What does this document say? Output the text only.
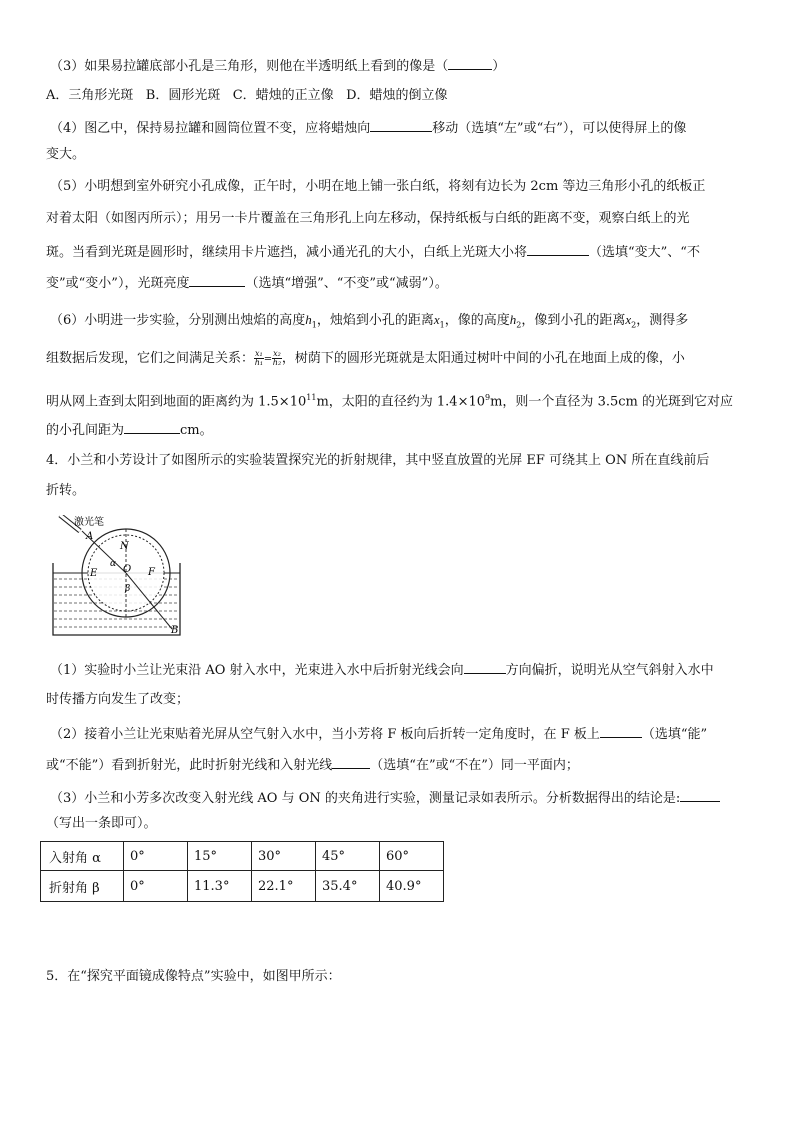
（3）如果易拉罐底部小孔是三角形，则他在半透明纸上看到的像是（	）
A．三角形光斑   B．圆形光斑   C．蜡烛的正立像   D．蜡烛的倒立像
（4）图乙中，保持易拉罐和圆筒位置不变，应将蜡烛向	移动（选填“左”或“右”），可以使得屏上的像
变大。
（5）小明想到室外研究小孔成像，正午时，小明在地上铺一张白纸，将刻有边长为 2cm 等边三角形小孔的纸板正
对着太阳（如图丙所示）；用另一卡片覆盖在三角形孔上向左移动，保持纸板与白纸的距离不变，观察白纸上的光
斑。当看到光斑是圆形时，继续用卡片遮挡，减小通光孔的大小，白纸上光斑大小将	（选填“变大”、“不
变”或“变小”），光斑亮度	（选填“增强”、“不变”或“减弱”）。
（6）小明进一步实验，分别测出烛焰的高度$h_1$，烛焰到小孔的距离$x_1$，像的高度$h_2$，像到小孔的距离$x_2$，测得多
组数据后发现，它们之间满足关系： $\frac{\text{x₁}}{\text{h₁}} = \frac{\text{x₂}}{\text{h₂}}$ ，树荫下的圆形光斑就是太阳通过树叶中间的小孔在地面上成的像，小
明从网上查到太阳到地面的距离约为 $1.5\times 10^{11}m$，太阳的直径约为 $1.4\times 10^9m$，则一个直径为 3.5cm 的光斑到它对应
的小孔间距为	cm。
4．小兰和小芳设计了如图所示的实验装置探究光的折射规律，其中竖直放置的光屏 EF 可绕其上 ON 所在直线前后
折转。
激光笔
A
N
α O
E	F
β
B
（1）实验时小兰让光束沿 AO 射入水中，光束进入水中后折射光线会向	方向偏折，说明光从空气斜射入水中
时传播方向发生了改变；
（2）接着小兰让光束贴着光屏从空气射入水中，当小芳将 F 板向后折转一定角度时，在 F 板上	（选填“能”
或“不能”）看到折射光，此时折射光线和入射光线	（选填“在”或“不在”）同一平面内；
（3）小兰和小芳多次改变入射光线 AO 与 ON 的夹角进行实验，测量记录如表所示。分析数据得出的结论是:
（写出一条即可）。
入射角 α	0°	15°	30°	45°	60°
折射角 β	0°	11.3°	22.1°	35.4°	40.9°
5．在“探究平面镜成像特点”实验中，如图甲所示：
